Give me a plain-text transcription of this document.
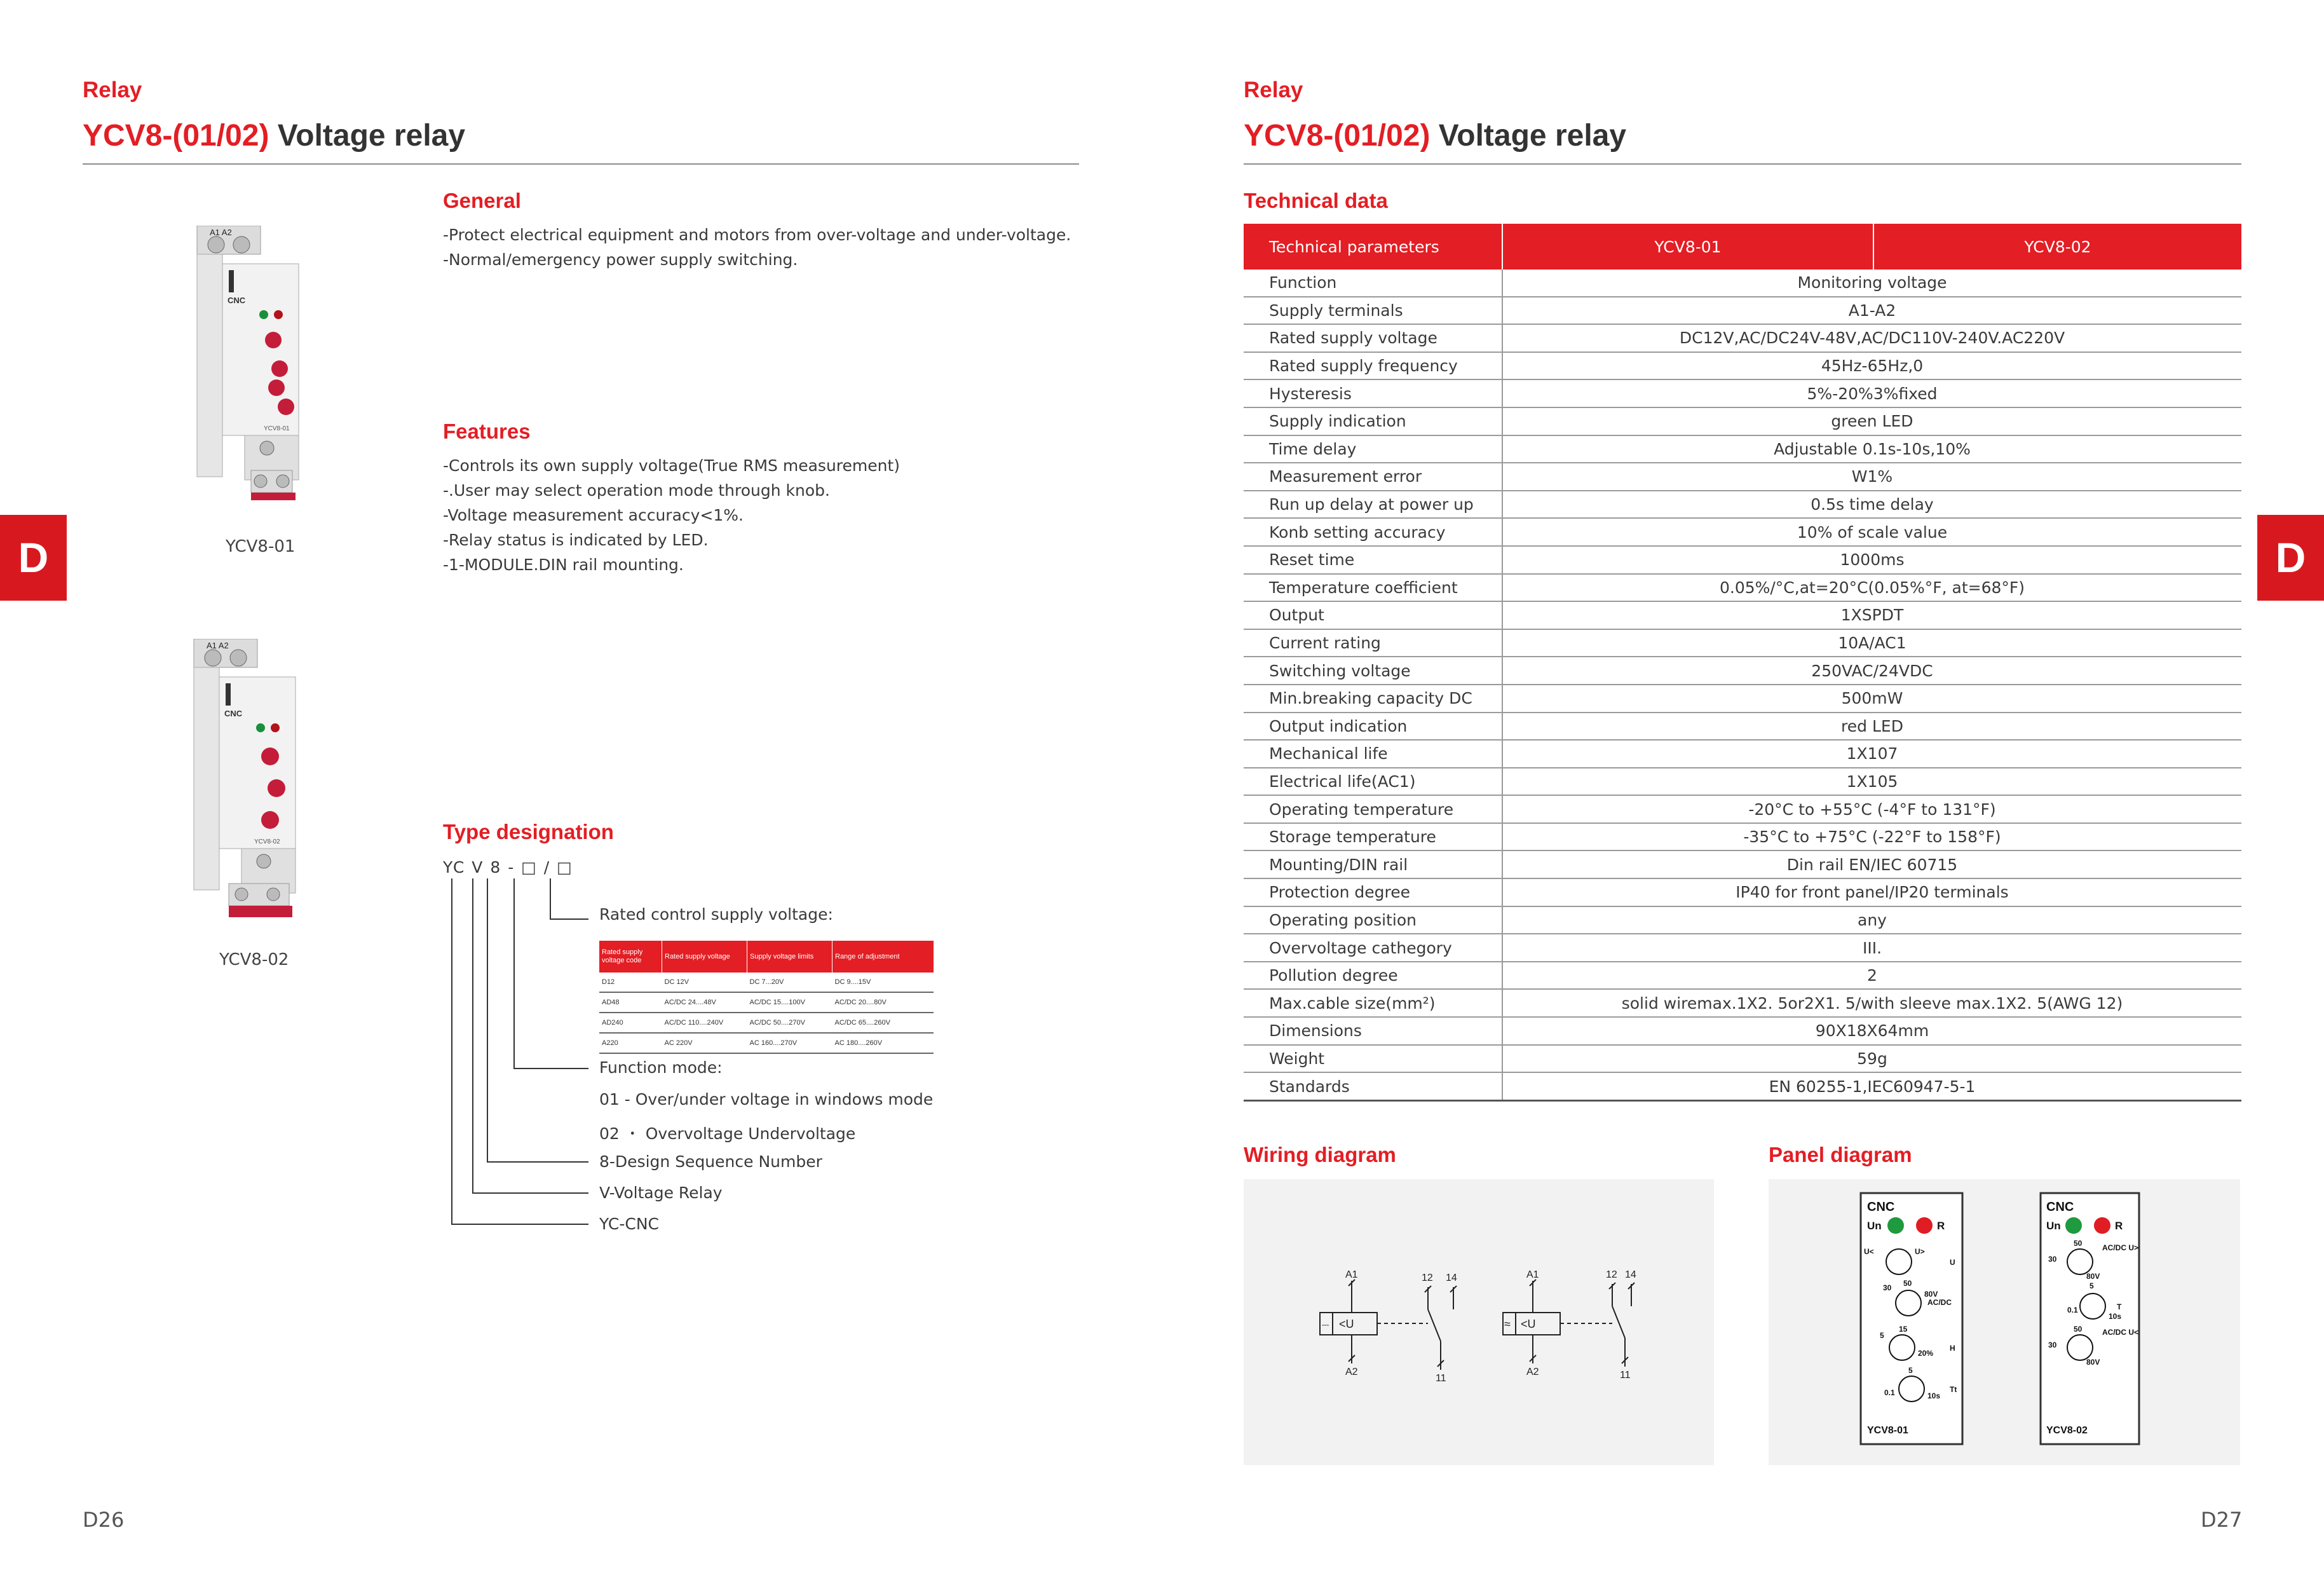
Relay
YCV8-(01/02) Voltage relay
D
A1 A2
CNC
YCV8-01
YCV8-01
A1 A2
CNC
YCV8-02
YCV8-02
General
-Protect electrical equipment and motors from over-voltage and under-voltage.
-Normal/emergency power supply switching.
Features
-Controls its own supply voltage(True RMS measurement)
-.User may select operation mode through knob.
-Voltage measurement accuracy<1%.
-Relay status is indicated by LED.
-1-MODULE.DIN rail mounting.
Type designation
YC V 8 - □ / □
Rated control supply voltage:
Rated supply voltage code	Rated supply voltage	Supply voltage limits	Range of adjustment
D12	DC 12V	DC 7...20V	DC 9....15V
AD48	AC/DC 24....48V	AC/DC 15....100V	AC/DC 20....80V
AD240	AC/DC 110....240V	AC/DC 50....270V	AC/DC 65....260V
A220	AC 220V	AC 160....270V	AC 180....260V
Function mode:
01 - Over/under voltage in windows mode
02 ・ Overvoltage Undervoltage
8-Design Sequence Number
V-Voltage Relay
YC-CNC
D26
Relay
YCV8-(01/02) Voltage relay
D
Technical data
Technical parameters	YCV8-01	YCV8-02
Function	Monitoring voltage	
Supply terminals	A1-A2	
Rated supply voltage	DC12V,AC/DC24V-48V,AC/DC110V-240V.AC220V	
Rated supply frequency	45Hz-65Hz,0	
Hysteresis	5%-20%3%fixed	
Supply indication	green LED	
Time delay	Adjustable 0.1s-10s,10%	
Measurement error	W1%	
Run up delay at power up	0.5s time delay	
Konb setting accuracy	10% of scale value	
Reset time	1000ms	
Temperature coefficient	0.05%/°C,at=20°C(0.05%°F, at=68°F)	
Output	1XSPDT	
Current rating	10A/AC1	
Switching voltage	250VAC/24VDC	
Min.breaking capacity DC	500mW	
Output indication	red LED	
Mechanical life	1X107	
Electrical life(AC1)	1X105	
Operating temperature	-20°C to +55°C (-4°F to 131°F)	
Storage temperature	-35°C to +75°C (-22°F to 158°F)	
Mounting/DIN rail	Din rail EN/IEC 60715	
Protection degree	IP40 for front panel/IP20 terminals	
Operating position	any	
Overvoltage cathegory	III.	
Pollution degree	2	
Max.cable size(mm²)	solid wiremax.1X2. 5or2X1. 5/with sleeve max.1X2. 5(AWG 12)	
Dimensions	90X18X64mm	
Weight	59g	
Standards	EN 60255-1,IEC60947-5-1	
Wiring diagram
A1
A2
12 14
11
⎓ <U
A1
A2
12 14
11
≈ <U
Panel diagram
CNC
Un	R
U
U<	U>
AC/DC
30 50
80V
H
5
15
20%
Tt
0.1
5
10s
YCV8-01
CNC
Un	R
AC/DC U>
30
50
80V
T
0.1
5
10s
AC/DC U<
30
50
80V
YCV8-02
D27
